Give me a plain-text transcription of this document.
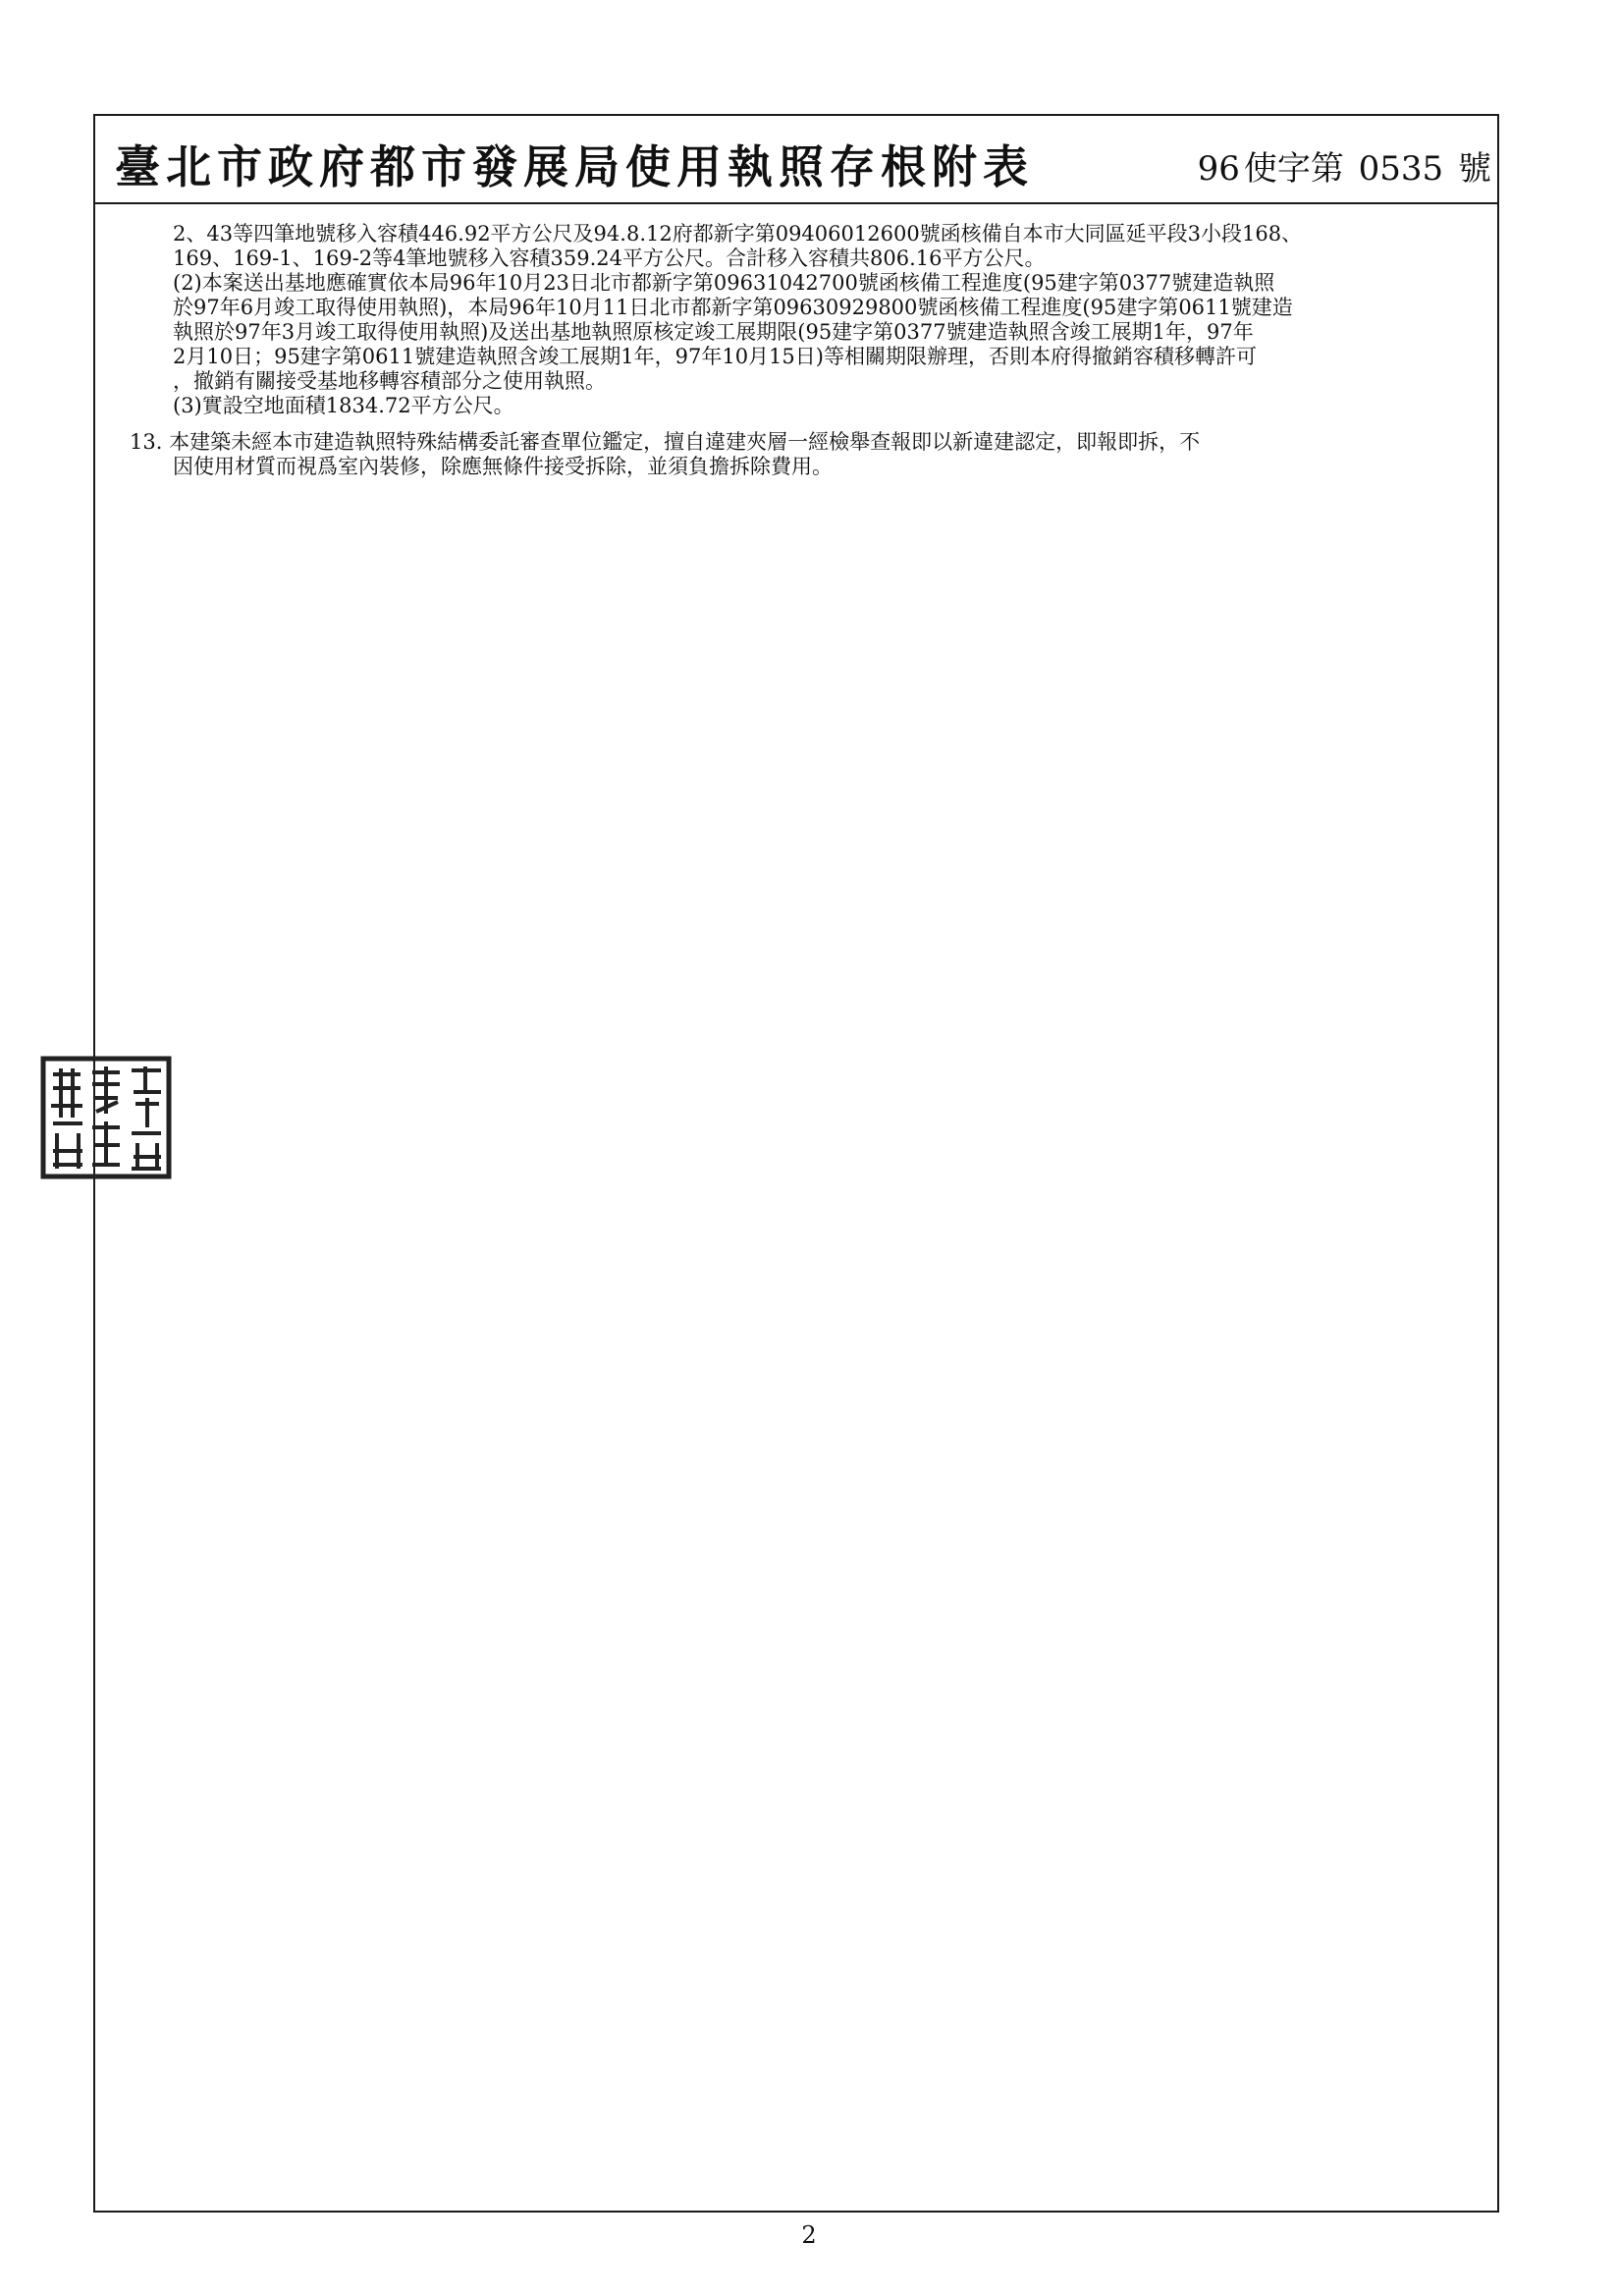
臺北市政府都市發展局使用執照存根附表	96 使字第 0535 號
2、43等四筆地號移入容積446.92平方公尺及94.8.12府都新字第09406012600號函核備自本市大同區延平段3小段168、
169、169-1、169-2等4筆地號移入容積359.24平方公尺。合計移入容積共806.16平方公尺。
(2)本案送出基地應確實依本局96年10月23日北市都新字第09631042700號函核備工程進度(95建字第0377號建造執照
於97年6月竣工取得使用執照)，本局96年10月11日北市都新字第09630929800號函核備工程進度(95建字第0611號建造
執照於97年3月竣工取得使用執照)及送出基地執照原核定竣工展期限(95建字第0377號建造執照含竣工展期1年，97年
2月10日；95建字第0611號建造執照含竣工展期1年，97年10月15日)等相關期限辦理，否則本府得撤銷容積移轉許可
，撤銷有關接受基地移轉容積部分之使用執照。
(3)實設空地面積1834.72平方公尺。
13. 本建築未經本市建造執照特殊結構委託審查單位鑑定，擅自違建夾層一經檢舉查報即以新違建認定，即報即拆，不
因使用材質而視爲室內裝修，除應無條件接受拆除，並須負擔拆除費用。
2
